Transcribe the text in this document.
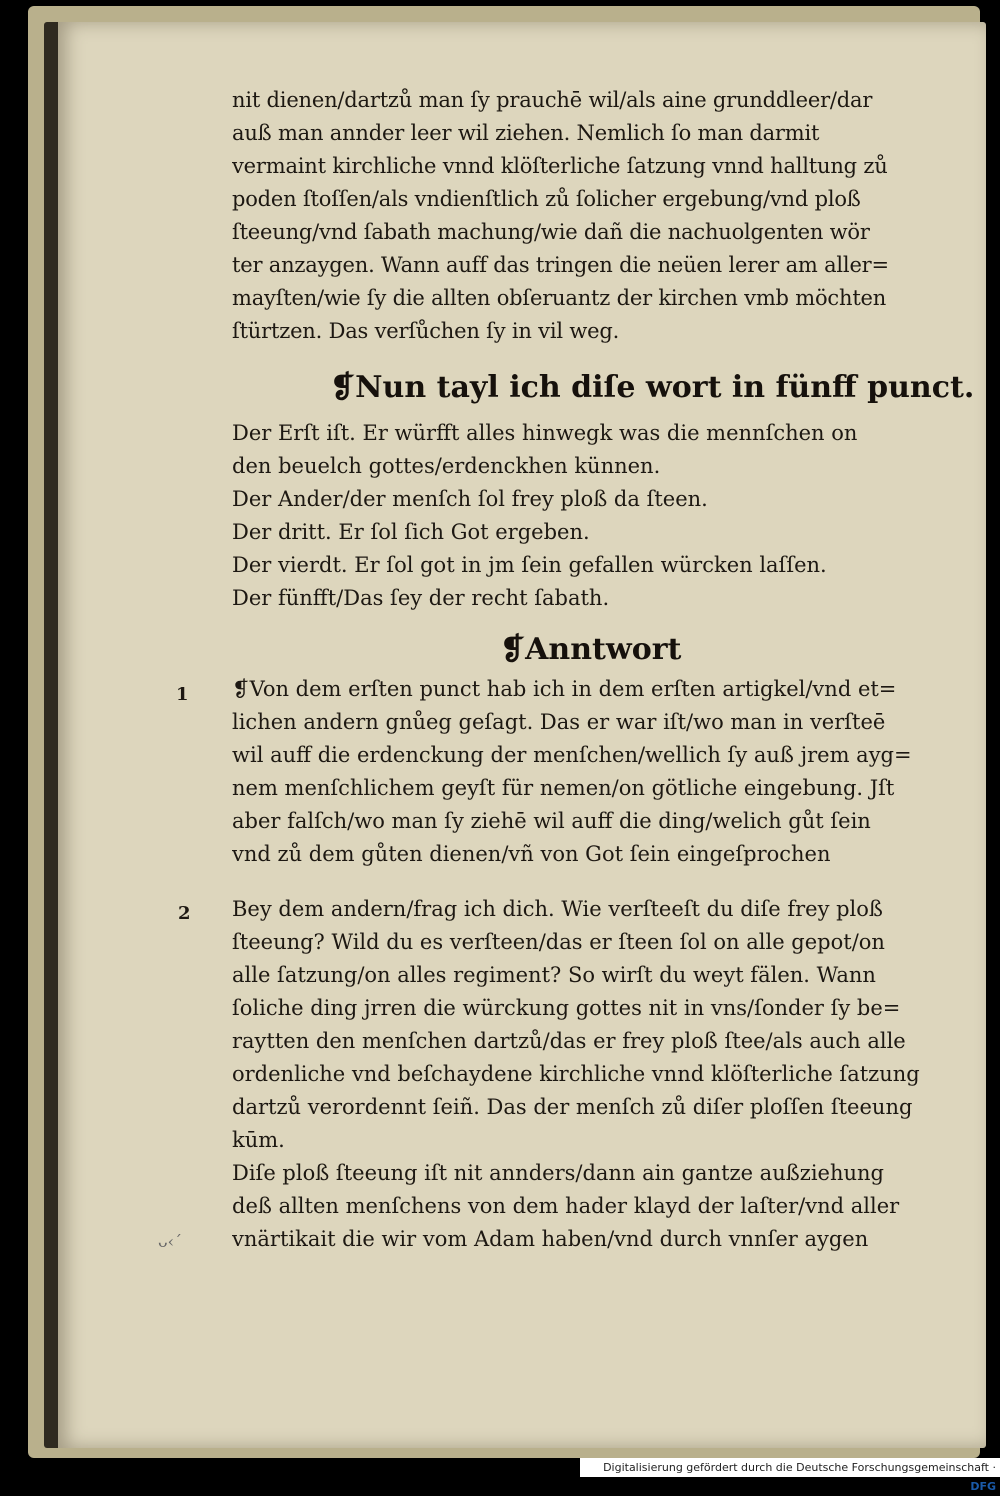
nit dienen/dartzů man ſy prauchē wil/als aine grunddleer/dar
auß man annder leer wil ziehen. Nemlich ſo man darmit
vermaint kirchliche vnnd klöſterliche ſatzung vnnd halltung zů
poden ſtoſſen/als vndienſtlich zů ſolicher ergebung/vnd ploß
ſteeung/vnd ſabath machung/wie dañ die nachuolgenten wör
ter anzaygen. Wann auff das tringen die neüen lerer am aller=
mayſten/wie ſy die allten obſeruantz der kirchen vmb möchten
ſtürtzen. Das verſůchen ſy in vil weg.
❡Nun tayl ich diſe wort in fünff punct.
Der Erſt iſt. Er würfft alles hinwegk was die mennſchen on
den beuelch gottes/erdenckhen künnen.
Der Ander/der menſch ſol frey ploß da ſteen.
Der dritt. Er ſol ſich Got ergeben.
Der vierdt. Er ſol got in jm ſein gefallen würcken laſſen.
Der fünfft/Das ſey der recht ſabath.
❡Anntwort
1 ❡Von dem erſten punct hab ich in dem erſten artigkel/vnd et=
lichen andern gnůeg geſagt. Das er war iſt/wo man in verſteē
wil auff die erdenckung der menſchen/wellich ſy auß jrem ayg=
nem menſchlichem geyſt für nemen/on götliche eingebung. Jſt
aber falſch/wo man ſy ziehē wil auff die ding/welich gůt ſein
vnd zů dem gůten dienen/vñ von Got ſein eingeſprochen
2 Bey dem andern/frag ich dich. Wie verſteeſt du diſe frey ploß
ſteeung? Wild du es verſteen/das er ſteen ſol on alle gepot/on
alle ſatzung/on alles regiment? So wirſt du weyt fälen. Wann
ſoliche ding jrren die würckung gottes nit in vns/ſonder ſy be=
raytten den menſchen dartzů/das er frey ploß ſtee/als auch alle
ordenliche vnd beſchaydene kirchliche vnnd klöſterliche ſatzung
dartzů verordennt ſeiñ. Das der menſch zů diſer ploſſen ſteeung
kūm.
Diſe ploß ſteeung iſt nit annders/dann ain gantze außziehung
deß allten menſchens von dem hader klayd der laſter/vnd aller
vnärtikait die wir vom Adam haben/vnd durch vnnſer aygen
ᴗ‹´
Digitalisierung gefördert durch die Deutsche Forschungsgemeinschaft · DFG
